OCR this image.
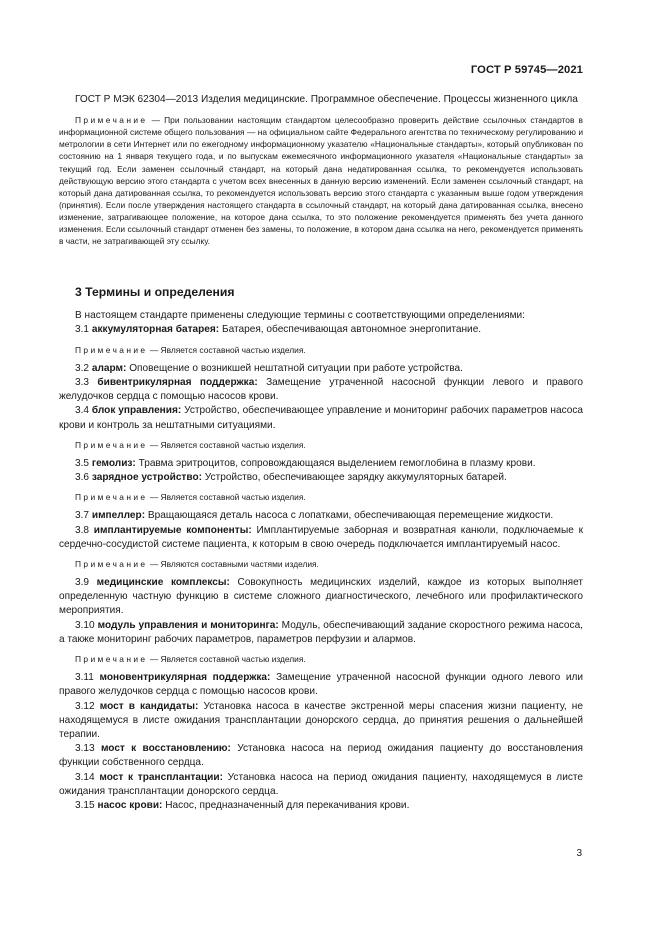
ГОСТ Р 59745—2021

ГОСТ Р МЭК 62304—2013 Изделия медицинские. Программное обеспечение. Процессы жизненного цикла

Примечание — При пользовании настоящим стандартом целесообразно проверить действие ссылочных стандартов в информационной системе общего пользования — на официальном сайте Федерального агентства по техническому регулированию и метрологии в сети Интернет или по ежегодному информационному указателю «Национальные стандарты», который опубликован по состоянию на 1 января текущего года, и по выпускам ежемесячного информационного указателя «Национальные стандарты» за текущий год. Если заменен ссылочный стандарт, на который дана недатированная ссылка, то рекомендуется использовать действующую версию этого стандарта с учетом всех внесенных в данную версию изменений. Если заменен ссылочный стандарт, на который дана датированная ссылка, то рекомендуется использовать версию этого стандарта с указанным выше годом утверждения (принятия). Если после утверждения настоящего стандарта в ссылочный стандарт, на который дана датированная ссылка, внесено изменение, затрагивающее положение, на которое дана ссылка, то это положение рекомендуется применять без учета данного изменения. Если ссылочный стандарт отменен без замены, то положение, в котором дана ссылка на него, рекомендуется применять в части, не затрагивающей эту ссылку.

3 Термины и определения

В настоящем стандарте применены следующие термины с соответствующими определениями:

3.1 аккумуляторная батарея: Батарея, обеспечивающая автономное энергопитание.

Примечание — Является составной частью изделия.

3.2 аларм: Оповещение о возникшей нештатной ситуации при работе устройства.

3.3 бивентрикулярная поддержка: Замещение утраченной насосной функции левого и правого желудочков сердца с помощью насосов крови.

3.4 блок управления: Устройство, обеспечивающее управление и мониторинг рабочих параметров насоса крови и контроль за нештатными ситуациями.

Примечание — Является составной частью изделия.

3.5 гемолиз: Травма эритроцитов, сопровождающаяся выделением гемоглобина в плазму крови.

3.6 зарядное устройство: Устройство, обеспечивающее зарядку аккумуляторных батарей.

Примечание — Является составной частью изделия.

3.7 импеллер: Вращающаяся деталь насоса с лопатками, обеспечивающая перемещение жидкости.

3.8 имплантируемые компоненты: Имплантируемые заборная и возвратная канюли, подключаемые к сердечно-сосудистой системе пациента, к которым в свою очередь подключается имплантируемый насос.

Примечание — Являются составными частями изделия.

3.9 медицинские комплексы: Совокупность медицинских изделий, каждое из которых выполняет определенную частную функцию в системе сложного диагностического, лечебного или профилактического мероприятия.

3.10 модуль управления и мониторинга: Модуль, обеспечивающий задание скоростного режима насоса, а также мониторинг рабочих параметров, параметров перфузии и алармов.

Примечание — Является составной частью изделия.

3.11 моновентрикулярная поддержка: Замещение утраченной насосной функции одного левого или правого желудочков сердца с помощью насосов крови.

3.12 мост в кандидаты: Установка насоса в качестве экстренной меры спасения жизни пациенту, не находящемуся в листе ожидания трансплантации донорского сердца, до принятия решения о дальнейшей терапии.

3.13 мост к восстановлению: Установка насоса на период ожидания пациенту до восстановления функции собственного сердца.

3.14 мост к трансплантации: Установка насоса на период ожидания пациенту, находящемуся в листе ожидания трансплантации донорского сердца.

3.15 насос крови: Насос, предназначенный для перекачивания крови.

3
